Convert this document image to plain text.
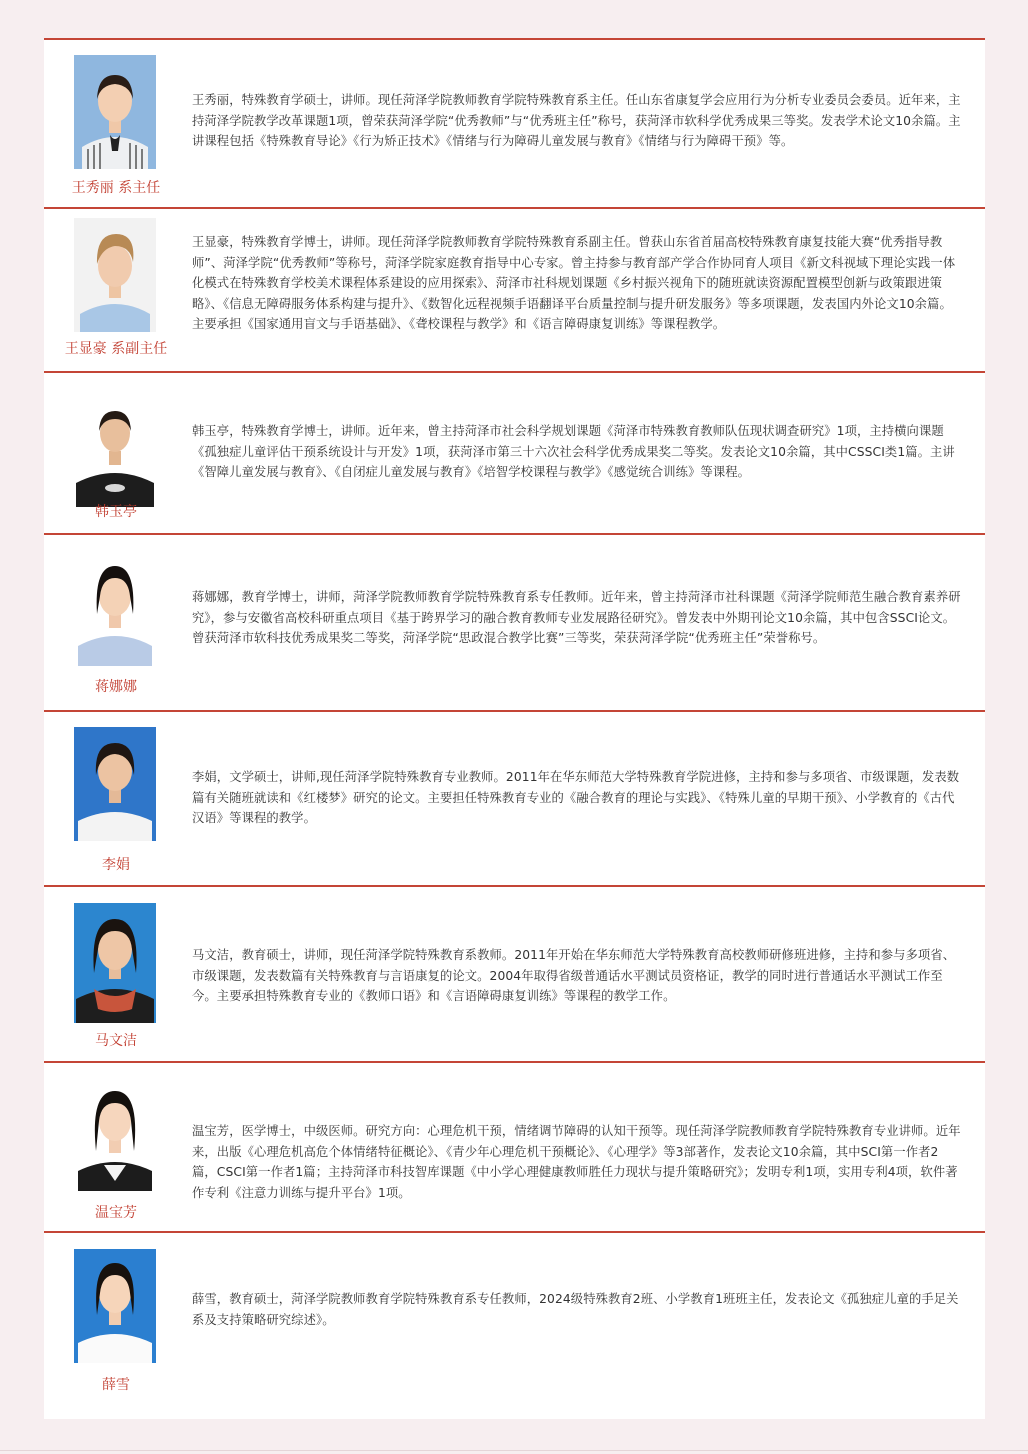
王秀丽 系主任
王秀丽，特殊教育学硕士，讲师。现任菏泽学院教师教育学院特殊教育系主任。任山东省康复学会应用行为分析专业委员会委员。近年来，主持菏泽学院教学改革课题1项，曾荣获菏泽学院“优秀教师”与“优秀班主任”称号，获菏泽市软科学优秀成果三等奖。发表学术论文10余篇。主讲课程包括《特殊教育导论》《行为矫正技术》《情绪与行为障碍儿童发展与教育》《情绪与行为障碍干预》等。
王显豪 系副主任
王显豪，特殊教育学博士，讲师。现任菏泽学院教师教育学院特殊教育系副主任。曾获山东省首届高校特殊教育康复技能大赛“优秀指导教师”、菏泽学院“优秀教师”等称号，菏泽学院家庭教育指导中心专家。曾主持参与教育部产学合作协同育人项目《新文科视域下理论实践一体化模式在特殊教育学校美术课程体系建设的应用探索》、菏泽市社科规划课题《乡村振兴视角下的随班就读资源配置模型创新与政策跟进策略》、《信息无障碍服务体系构建与提升》、《数智化远程视频手语翻译平台质量控制与提升研发服务》等多项课题，发表国内外论文10余篇。主要承担《国家通用盲文与手语基础》、《聋校课程与教学》和《语言障碍康复训练》等课程教学。
韩玉亭
韩玉亭，特殊教育学博士，讲师。近年来，曾主持菏泽市社会科学规划课题《菏泽市特殊教育教师队伍现状调查研究》1项，主持横向课题《孤独症儿童评估干预系统设计与开发》1项，获菏泽市第三十六次社会科学优秀成果奖二等奖。发表论文10余篇，其中CSSCI类1篇。主讲《智障儿童发展与教育》、《自闭症儿童发展与教育》《培智学校课程与教学》《感觉统合训练》等课程。
蒋娜娜
蒋娜娜，教育学博士，讲师，菏泽学院教师教育学院特殊教育系专任教师。近年来，曾主持菏泽市社科课题《菏泽学院师范生融合教育素养研究》，参与安徽省高校科研重点项目《基于跨界学习的融合教育教师专业发展路径研究》。曾发表中外期刊论文10余篇，其中包含SSCI论文。曾获菏泽市软科技优秀成果奖二等奖，菏泽学院“思政混合教学比赛”三等奖，荣获菏泽学院“优秀班主任”荣誉称号。
李娟
李娟，文学硕士，讲师,现任菏泽学院特殊教育专业教师。2011年在华东师范大学特殊教育学院进修，主持和参与多项省、市级课题，发表数篇有关随班就读和《红楼梦》研究的论文。主要担任特殊教育专业的《融合教育的理论与实践》、《特殊儿童的早期干预》、小学教育的《古代汉语》等课程的教学。
马文洁
马文洁，教育硕士，讲师，现任菏泽学院特殊教育系教师。2011年开始在华东师范大学特殊教育高校教师研修班进修，主持和参与多项省、市级课题，发表数篇有关特殊教育与言语康复的论文。2004年取得省级普通话水平测试员资格证，教学的同时进行普通话水平测试工作至今。主要承担特殊教育专业的《教师口语》和《言语障碍康复训练》等课程的教学工作。
温宝芳
温宝芳，医学博士，中级医师。研究方向：心理危机干预，情绪调节障碍的认知干预等。现任菏泽学院教师教育学院特殊教育专业讲师。近年来，出版《心理危机高危个体情绪特征概论》、《青少年心理危机干预概论》、《心理学》等3部著作，发表论文10余篇，其中SCI第一作者2篇，CSCI第一作者1篇；主持菏泽市科技智库课题《中小学心理健康教师胜任力现状与提升策略研究》；发明专利1项，实用专利4项，软件著作专利《注意力训练与提升平台》1项。
薛雪
薛雪，教育硕士，菏泽学院教师教育学院特殊教育系专任教师，2024级特殊教育2班、小学教育1班班主任，发表论文《孤独症儿童的手足关系及支持策略研究综述》。
